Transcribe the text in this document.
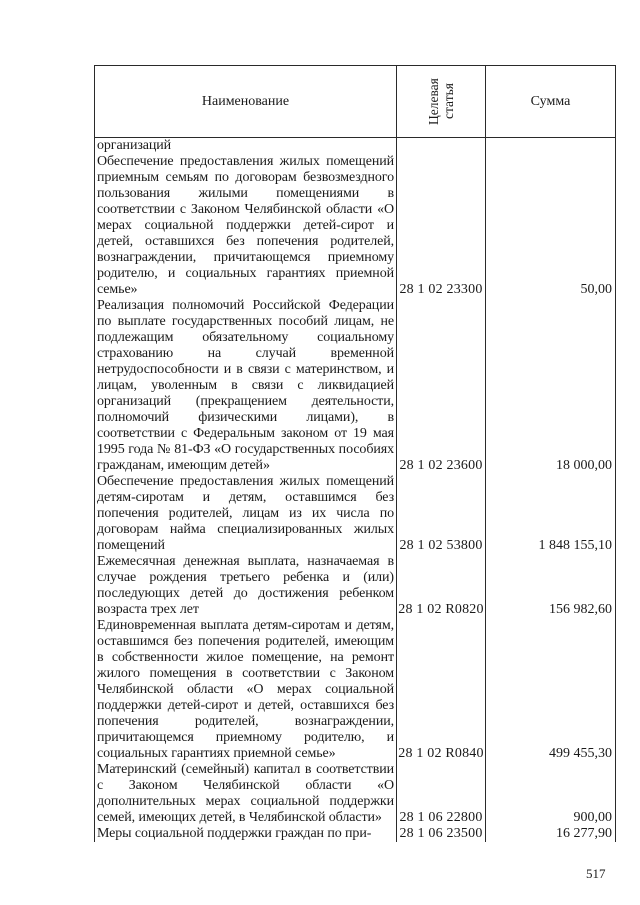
Наименование	Целевая статья	Сумма

организаций
Обеспечение предоставления жилых помещений приемным семьям по договорам безвозмездного пользования жилыми помещениями в соответствии с Законом Челябинской области «О мерах социальной поддержки детей-сирот и детей, оставшихся без попечения родителей, вознаграждении, причитающемся приемному родителю, и социальных гарантиях приемной семье»	28 1 02 23300	50,00

Реализация полномочий Российской Федерации по выплате государственных пособий лицам, не подлежащим обязательному социальному страхованию на случай временной нетрудоспособности и в связи с материнством, и лицам, уволенным в связи с ликвидацией организаций (прекращением деятельности, полномочий физическими лицами), в соответствии с Федеральным законом от 19 мая 1995 года № 81-ФЗ «О государственных пособиях гражданам, имеющим детей»	28 1 02 23600	18 000,00

Обеспечение предоставления жилых помещений детям-сиротам и детям, оставшимся без попечения родителей, лицам из их числа по договорам найма специализированных жилых помещений	28 1 02 53800	1 848 155,10

Ежемесячная денежная выплата, назначаемая в случае рождения третьего ребенка и (или) последующих детей до достижения ребенком возраста трех лет	28 1 02 R0820	156 982,60

Единовременная выплата детям-сиротам и детям, оставшимся без попечения родителей, имеющим в собственности жилое помещение, на ремонт жилого помещения в соответствии с Законом Челябинской области «О мерах социальной поддержки детей-сирот и детей, оставшихся без попечения родителей, вознаграждении, причитающемся приемному родителю, и социальных гарантиях приемной семье»	28 1 02 R0840	499 455,30

Материнский (семейный) капитал в соответствии с Законом Челябинской области «О дополнительных мерах социальной поддержки семей, имеющих детей, в Челябинской области»	28 1 06 22800	900,00

Меры социальной поддержки граждан по при-	28 1 06 23500	16 277,90
517
